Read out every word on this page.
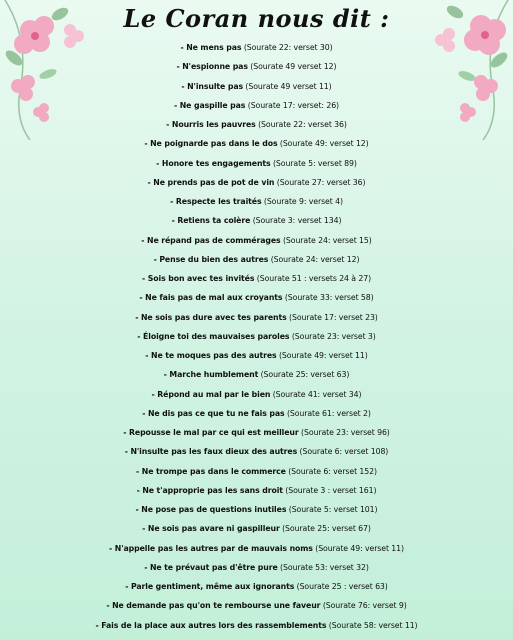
Le Coran nous dit :
- Ne mens pas (Sourate 22: verset 30)
- N'espionne pas (Sourate 49 verset 12)
- N'insulte pas (Sourate 49 verset 11)
- Ne gaspille pas (Sourate 17: verset: 26)
- Nourris les pauvres (Sourate 22: verset 36)
- Ne poignarde pas dans le dos (Sourate 49: verset 12)
- Honore tes engagements (Sourate 5: verset 89)
- Ne prends pas de pot de vin (Sourate 27: verset 36)
- Respecte les traités (Sourate 9: verset 4)
- Retiens ta colère (Sourate 3: verset 134)
- Ne répand pas de commérages (Sourate 24: verset 15)
- Pense du bien des autres (Sourate 24: verset 12)
- Sois bon avec tes invités (Sourate 51 : versets 24 à 27)
- Ne fais pas de mal aux croyants (Sourate 33: verset 58)
- Ne sois pas dure avec tes parents (Sourate 17: verset 23)
- Éloigne toi des mauvaises paroles (Sourate 23: verset 3)
- Ne te moques pas des autres (Sourate 49: verset 11)
- Marche humblement (Sourate 25: verset 63)
- Répond au mal par le bien (Sourate 41: verset 34)
- Ne dis pas ce que tu ne fais pas (Sourate 61: verset 2)
- Repousse le mal par ce qui est meilleur (Sourate 23: verset 96)
- N'insulte pas les faux dieux des autres (Sourate 6: verset 108)
- Ne trompe pas dans le commerce (Sourate 6: verset 152)
- Ne t'approprie pas les sans droit (Sourate 3 : verset 161)
- Ne pose pas de questions inutiles (Sourate 5: verset 101)
- Ne sois pas avare ni gaspilleur (Sourate 25: verset 67)
- N'appelle pas les autres par de mauvais noms (Sourate 49: verset 11)
- Ne te prévaut pas d'être pure (Sourate 53: verset 32)
- Parle gentiment, même aux ignorants (Sourate 25 : verset 63)
- Ne demande pas qu'on te rembourse une faveur (Sourate 76: verset 9)
- Fais de la place aux autres lors des rassemblements (Sourate 58: verset 11)
